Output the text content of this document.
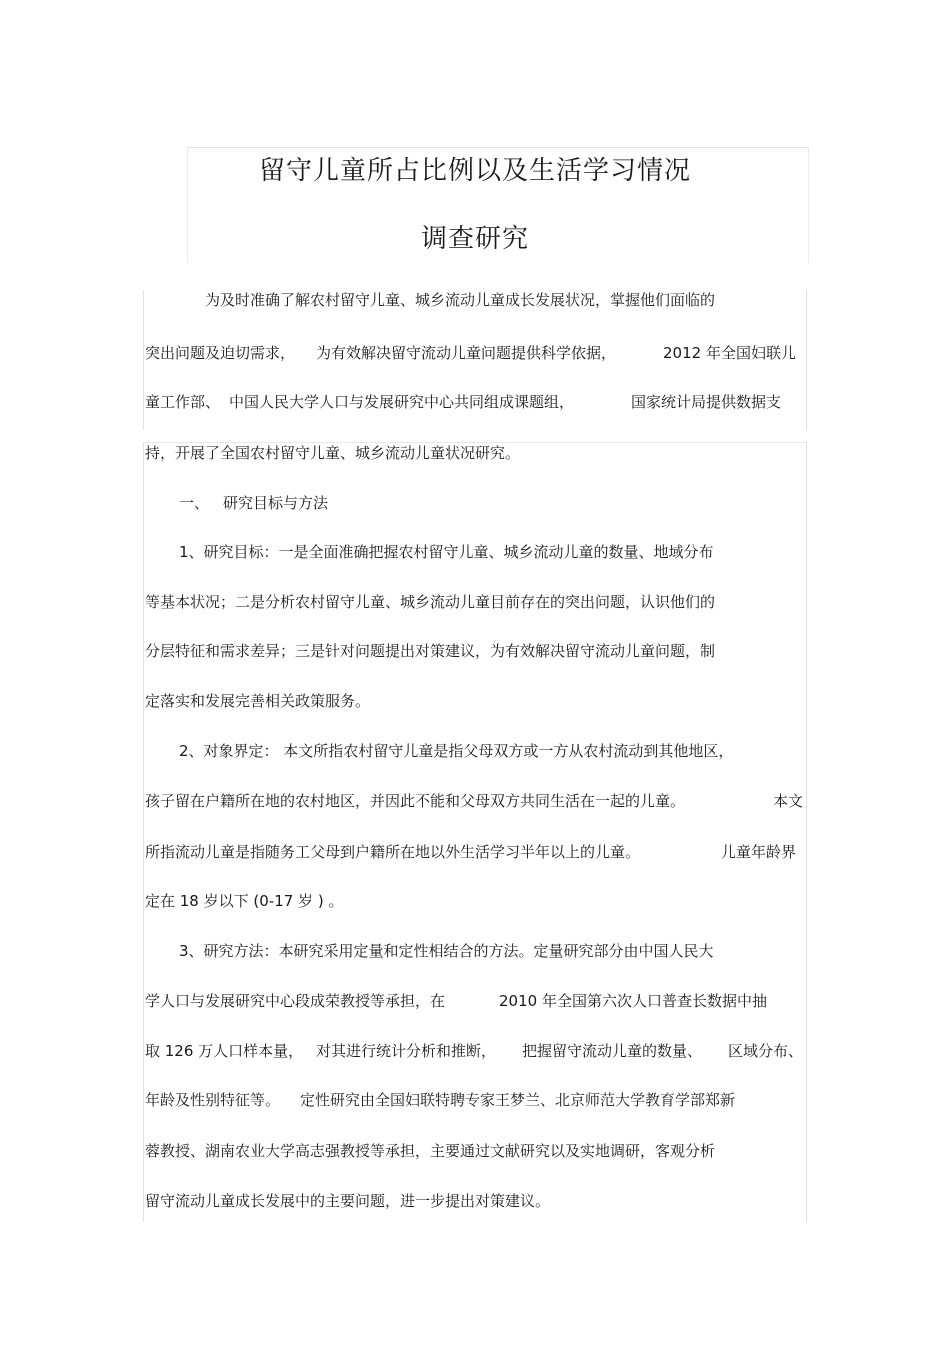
留守儿童所占比例以及生活学习情况
调查研究
为及时准确了解农村留守儿童、城乡流动儿童成长发展状况，掌握他们面临的
突出问题及迫切需求， 为有效解决留守流动儿童问题提供科学依据，	2012 年全国妇联儿
童工作部、 中国人民大学人口与发展研究中心共同组成课题组，	国家统计局提供数据支
持，开展了全国农村留守儿童、城乡流动儿童状况研究。
一、 研究目标与方法
1、研究目标：一是全面准确把握农村留守儿童、城乡流动儿童的数量、地域分布
等基本状况；二是分析农村留守儿童、城乡流动儿童目前存在的突出问题，认识他们的
分层特征和需求差异；三是针对问题提出对策建议，为有效解决留守流动儿童问题，制
定落实和发展完善相关政策服务。
2、对象界定： 本文所指农村留守儿童是指父母双方或一方从农村流动到其他地区，
孩子留在户籍所在地的农村地区，并因此不能和父母双方共同生活在一起的儿童。	本文
所指流动儿童是指随务工父母到户籍所在地以外生活学习半年以上的儿童。	儿童年龄界
定在 18 岁以下 (0-17 岁 ) 。
3、研究方法：本研究采用定量和定性相结合的方法。定量研究部分由中国人民大
学人口与发展研究中心段成荣教授等承担，在	2010 年全国第六次人口普查长数据中抽
取 126 万人口样本量， 对其进行统计分析和推断， 把握留守流动儿童的数量、 区域分布、
年龄及性别特征等。 定性研究由全国妇联特聘专家王梦兰、北京师范大学教育学部郑新
蓉教授、湖南农业大学高志强教授等承担，主要通过文献研究以及实地调研，客观分析
留守流动儿童成长发展中的主要问题，进一步提出对策建议。
